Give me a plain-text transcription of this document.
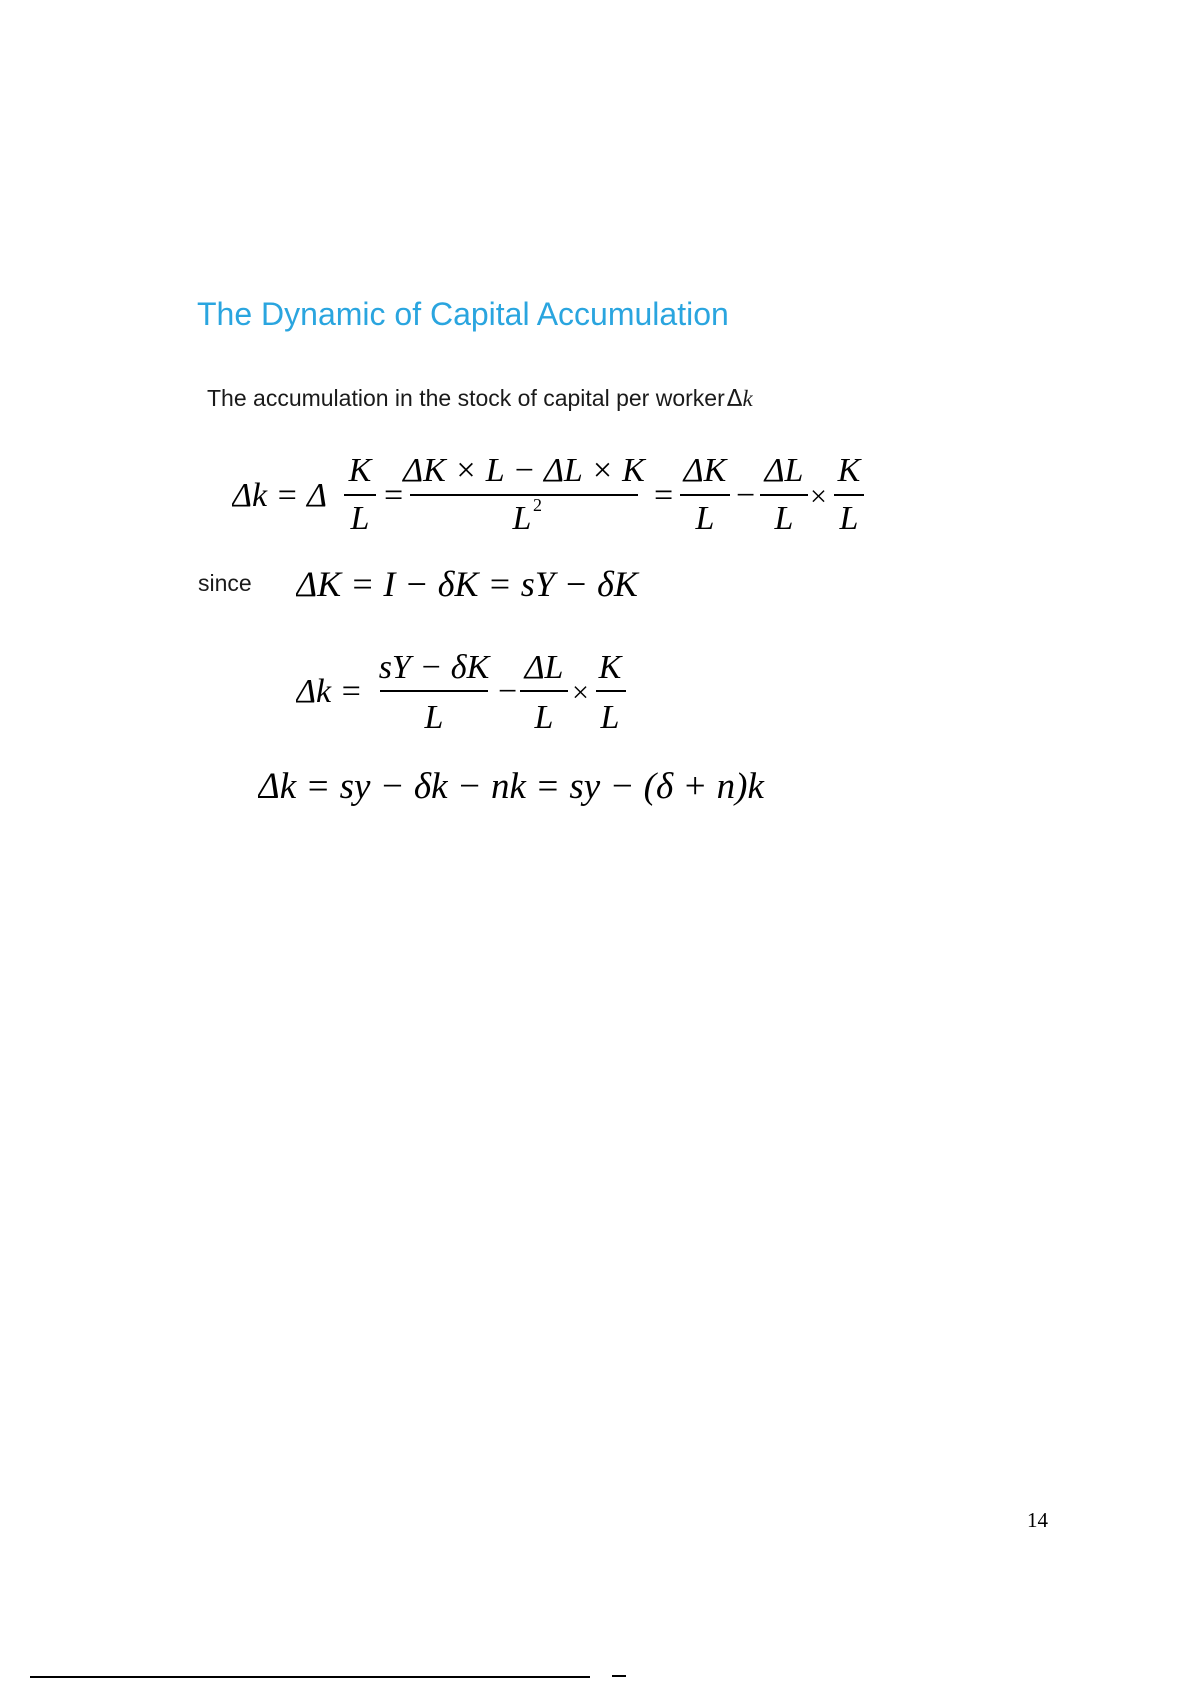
The Dynamic of Capital Accumulation
The accumulation in the stock of capital per workerΔk
Δk = Δ
K
L
=
ΔK × L − ΔL × K
L 2	=
ΔK
L
−
ΔL
L
×
K
L
since ΔK = I − δK = sY − δK
Δk =
sY − δK
L
−
ΔL
L
×
K
L
Δk = sy − δk − nk = sy − (δ + n)k
14
